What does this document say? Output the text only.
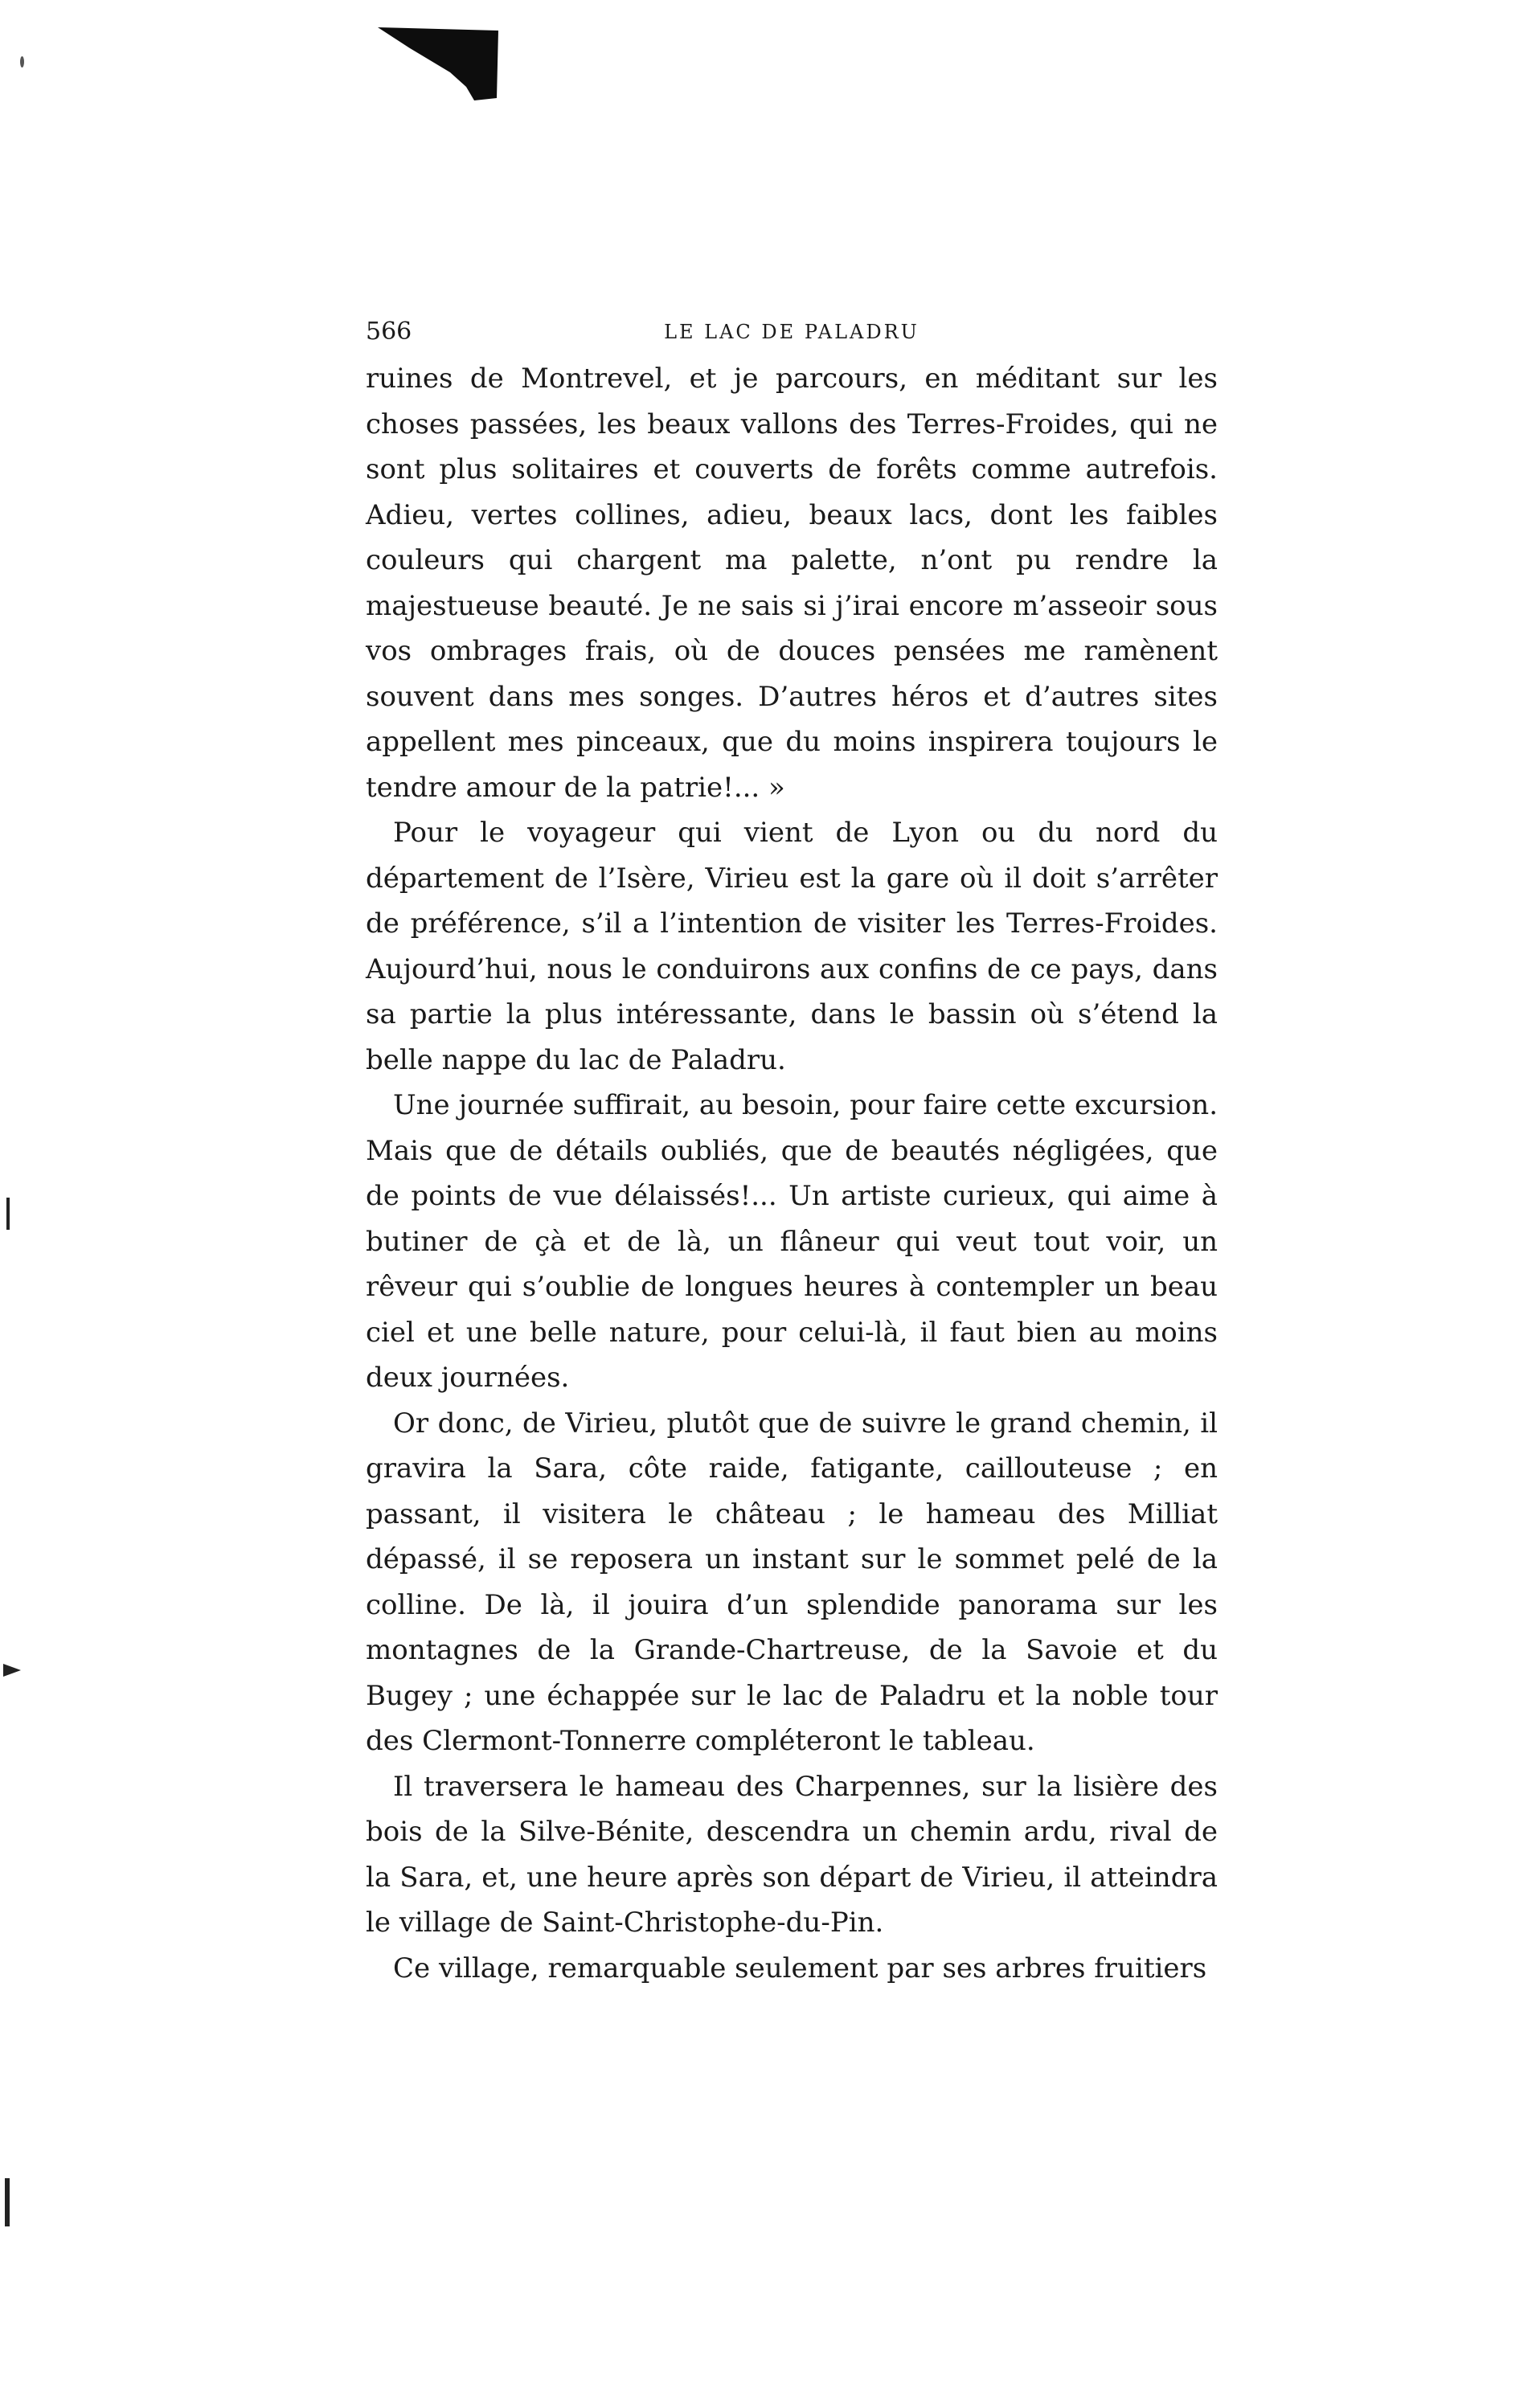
566	LE LAC DE PALADRU

ruines de Montrevel, et je parcours, en méditant sur les choses passées, les beaux vallons des Terres-Froides, qui ne sont plus solitaires et couverts de forêts comme autrefois. Adieu, vertes collines, adieu, beaux lacs, dont les faibles couleurs qui chargent ma palette, n’ont pu rendre la majestueuse beauté. Je ne sais si j’irai encore m’asseoir sous vos ombrages frais, où de douces pensées me ramènent souvent dans mes songes. D’autres héros et d’autres sites appellent mes pinceaux, que du moins inspirera toujours le tendre amour de la patrie!... »

Pour le voyageur qui vient de Lyon ou du nord du département de l’Isère, Virieu est la gare où il doit s’arrêter de préférence, s’il a l’intention de visiter les Terres-Froides. Aujourd’hui, nous le conduirons aux confins de ce pays, dans sa partie la plus intéressante, dans le bassin où s’étend la belle nappe du lac de Paladru.

Une journée suffirait, au besoin, pour faire cette excursion. Mais que de détails oubliés, que de beautés négligées, que de points de vue délaissés!... Un artiste curieux, qui aime à butiner de çà et de là, un flâneur qui veut tout voir, un rêveur qui s’oublie de longues heures à contempler un beau ciel et une belle nature, pour celui-là, il faut bien au moins deux journées.

Or donc, de Virieu, plutôt que de suivre le grand chemin, il gravira la Sara, côte raide, fatigante, caillouteuse ; en passant, il visitera le château ; le hameau des Milliat dépassé, il se reposera un instant sur le sommet pelé de la colline. De là, il jouira d’un splendide panorama sur les montagnes de la Grande-Chartreuse, de la Savoie et du Bugey ; une échappée sur le lac de Paladru et la noble tour des Clermont-Tonnerre compléteront le tableau.

Il traversera le hameau des Charpennes, sur la lisière des bois de la Silve-Bénite, descendra un chemin ardu, rival de la Sara, et, une heure après son départ de Virieu, il atteindra le village de Saint-Christophe-du-Pin.

Ce village, remarquable seulement par ses arbres fruitiers
